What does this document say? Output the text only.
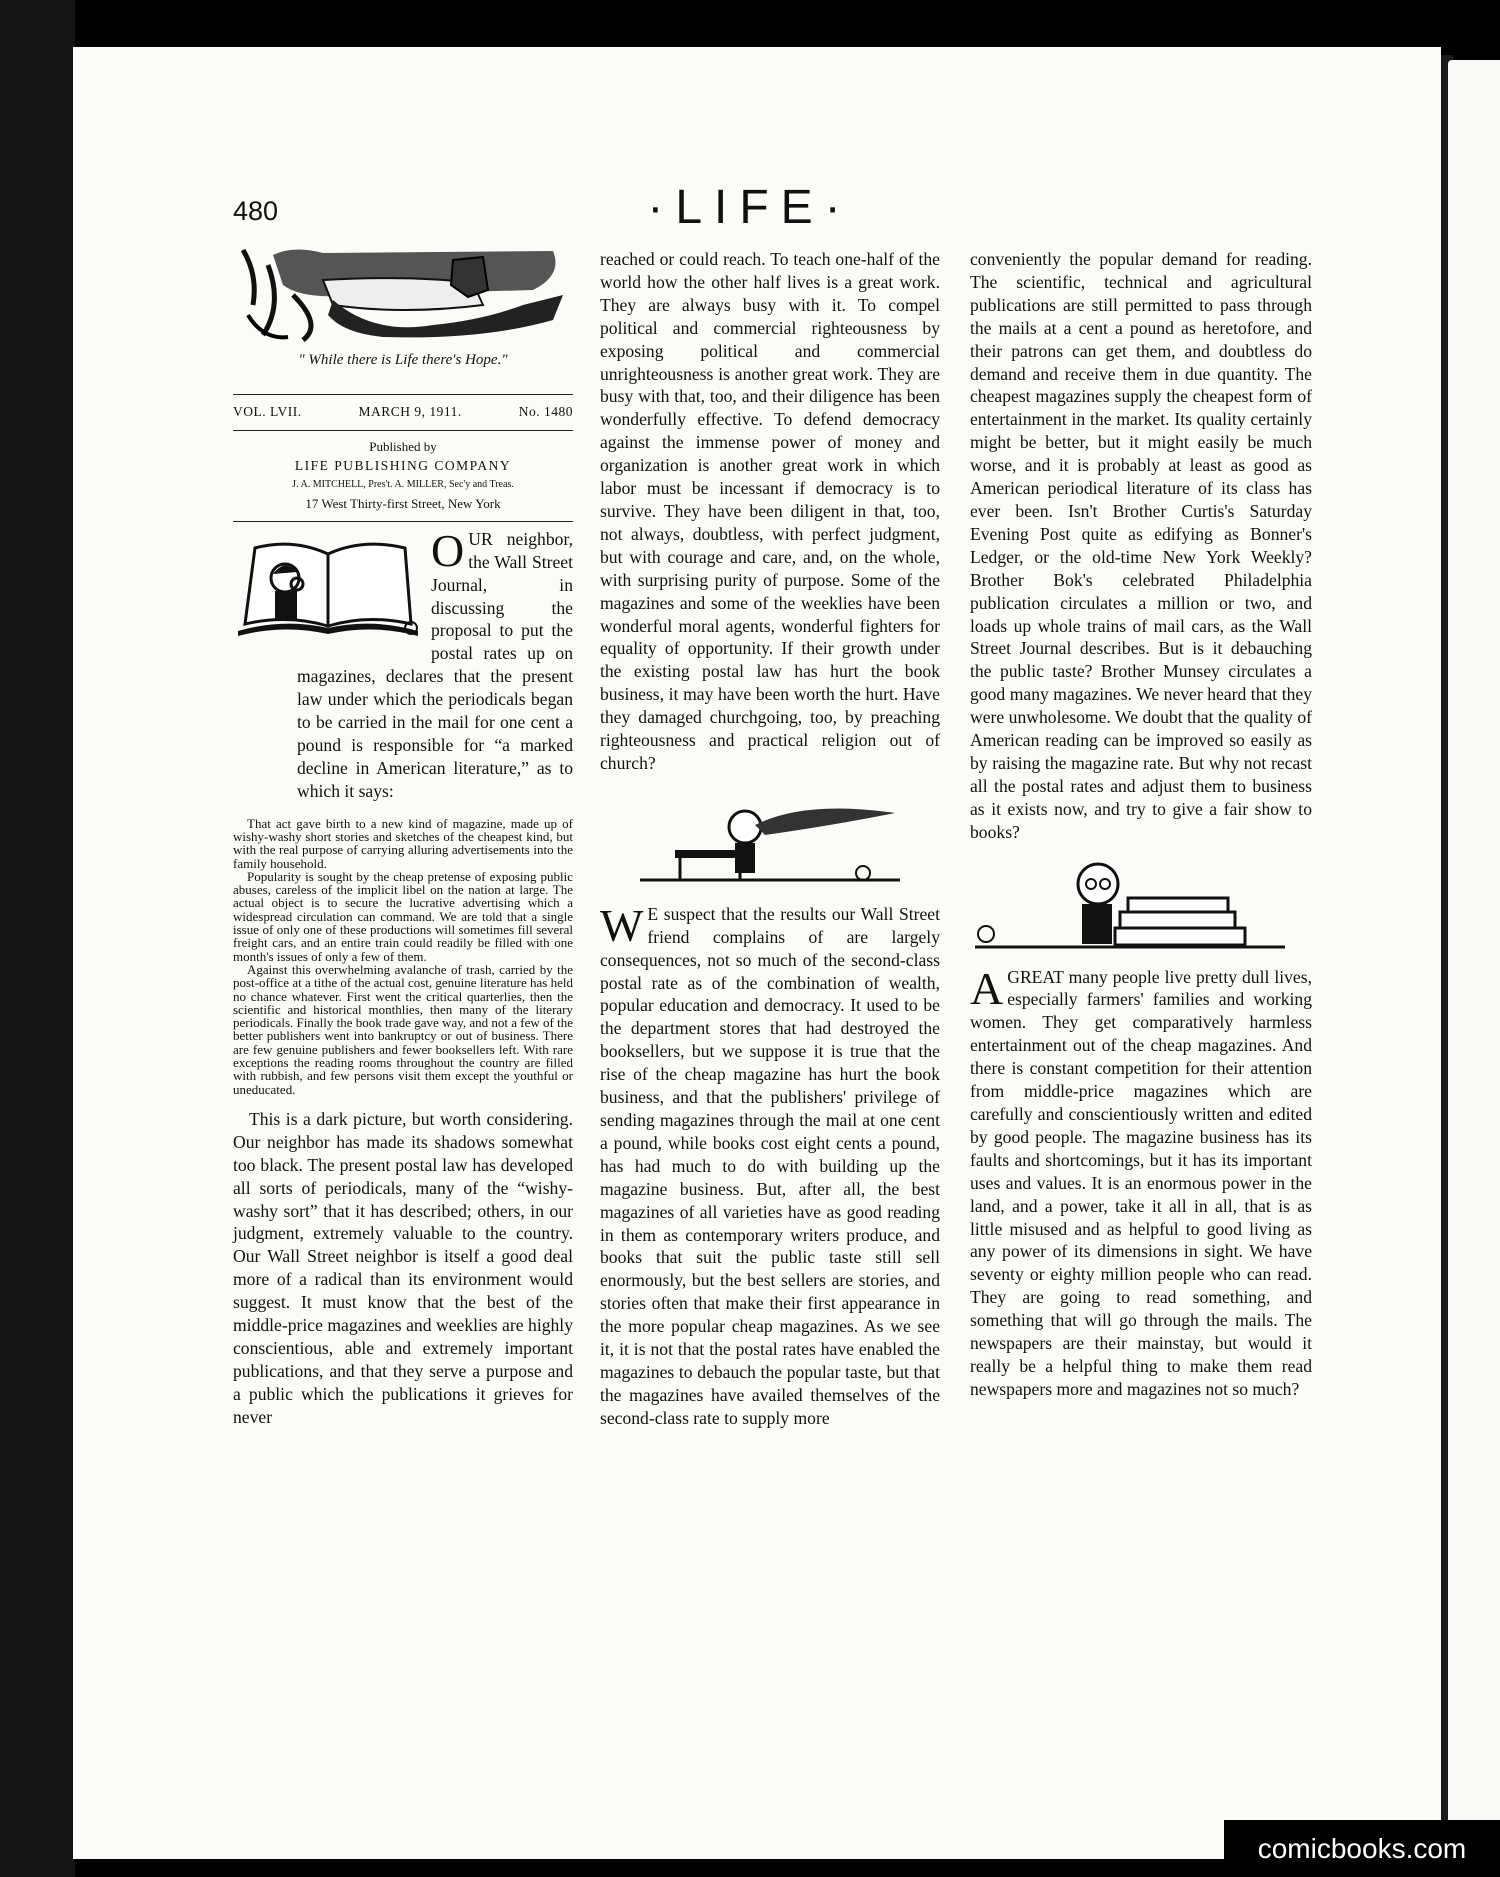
480	·LIFE·
" While there is Life there's Hope."
VOL. LVII.	MARCH 9, 1911.	No. 1480
Published by
LIFE PUBLISHING COMPANY
J. A. MITCHELL, Pres't. A. MILLER, Sec'y and Treas.
17 West Thirty-first Street, New York
O UR neighbor, the Wall Street Journal, in discussing the proposal to put the postal rates up on magazines, declares that the present law under which the periodicals began to be carried in the mail for one cent a pound is responsible for “a marked decline in American literature,” as to which it says:

That act gave birth to a new kind of magazine, made up of wishy-washy short stories and sketches of the cheapest kind, but with the real purpose of carrying alluring advertisements into the family household.

Popularity is sought by the cheap pretense of exposing public abuses, careless of the implicit libel on the nation at large. The actual object is to secure the lucrative advertising which a widespread circulation can command. We are told that a single issue of only one of these productions will sometimes fill several freight cars, and an entire train could readily be filled with one month's issues of only a few of them.

Against this overwhelming avalanche of trash, carried by the post-office at a tithe of the actual cost, genuine literature has held no chance whatever. First went the critical quarterlies, then the scientific and historical monthlies, then many of the literary periodicals. Finally the book trade gave way, and not a few of the better publishers went into bankruptcy or out of business. There are few genuine publishers and fewer booksellers left. With rare exceptions the reading rooms throughout the country are filled with rubbish, and few persons visit them except the youthful or uneducated.

This is a dark picture, but worth considering. Our neighbor has made its shadows somewhat too black. The present postal law has developed all sorts of periodicals, many of the “wishy-washy sort” that it has described; others, in our judgment, extremely valuable to the country. Our Wall Street neighbor is itself a good deal more of a radical than its environment would suggest. It must know that the best of the middle-price magazines and weeklies are highly conscientious, able and extremely important publications, and that they serve a purpose and a public which the publications it grieves for never

reached or could reach. To teach one-half of the world how the other half lives is a great work. They are always busy with it. To compel political and commercial righteousness by exposing political and commercial unrighteousness is another great work. They are busy with that, too, and their diligence has been wonderfully effective. To defend democracy against the immense power of money and organization is another great work in which labor must be incessant if democracy is to survive. They have been diligent in that, too, not always, doubtless, with perfect judgment, but with courage and care, and, on the whole, with surprising purity of purpose. Some of the magazines and some of the weeklies have been wonderful moral agents, wonderful fighters for equality of opportunity. If their growth under the existing postal law has hurt the book business, it may have been worth the hurt. Have they damaged churchgoing, too, by preaching righteousness and practical religion out of church?

W E suspect that the results our Wall Street friend complains of are largely consequences, not so much of the second-class postal rate as of the combination of wealth, popular education and democracy. It used to be the department stores that had destroyed the booksellers, but we suppose it is true that the rise of the cheap magazine has hurt the book business, and that the publishers' privilege of sending magazines through the mail at one cent a pound, while books cost eight cents a pound, has had much to do with building up the magazine business. But, after all, the best magazines of all varieties have as good reading in them as contemporary writers produce, and books that suit the public taste still sell enormously, but the best sellers are stories, and stories often that make their first appearance in the more popular cheap magazines. As we see it, it is not that the postal rates have enabled the magazines to debauch the popular taste, but that the magazines have availed themselves of the second-class rate to supply more

conveniently the popular demand for reading. The scientific, technical and agricultural publications are still permitted to pass through the mails at a cent a pound as heretofore, and their patrons can get them, and doubtless do demand and receive them in due quantity. The cheapest magazines supply the cheapest form of entertainment in the market. Its quality certainly might be better, but it might easily be much worse, and it is probably at least as good as American periodical literature of its class has ever been. Isn't Brother Curtis's Saturday Evening Post quite as edifying as Bonner's Ledger, or the old-time New York Weekly? Brother Bok's celebrated Philadelphia publication circulates a million or two, and loads up whole trains of mail cars, as the Wall Street Journal describes. But is it debauching the public taste? Brother Munsey circulates a good many magazines. We never heard that they were unwholesome. We doubt that the quality of American reading can be improved so easily as by raising the magazine rate. But why not recast all the postal rates and adjust them to business as it exists now, and try to give a fair show to books?

AGREAT many people live pretty dull lives, especially farmers' families and working women. They get comparatively harmless entertainment out of the cheap magazines. And there is constant competition for their attention from middle-price magazines which are carefully and conscientiously written and edited by good people. The magazine business has its faults and shortcomings, but it has its important uses and values. It is an enormous power in the land, and a power, take it all in all, that is as little misused and as helpful to good living as any power of its dimensions in sight. We have seventy or eighty million people who can read. They are going to read something, and something that will go through the mails. The newspapers are their mainstay, but would it really be a helpful thing to make them read newspapers more and magazines not so much?

comicbooks.com
